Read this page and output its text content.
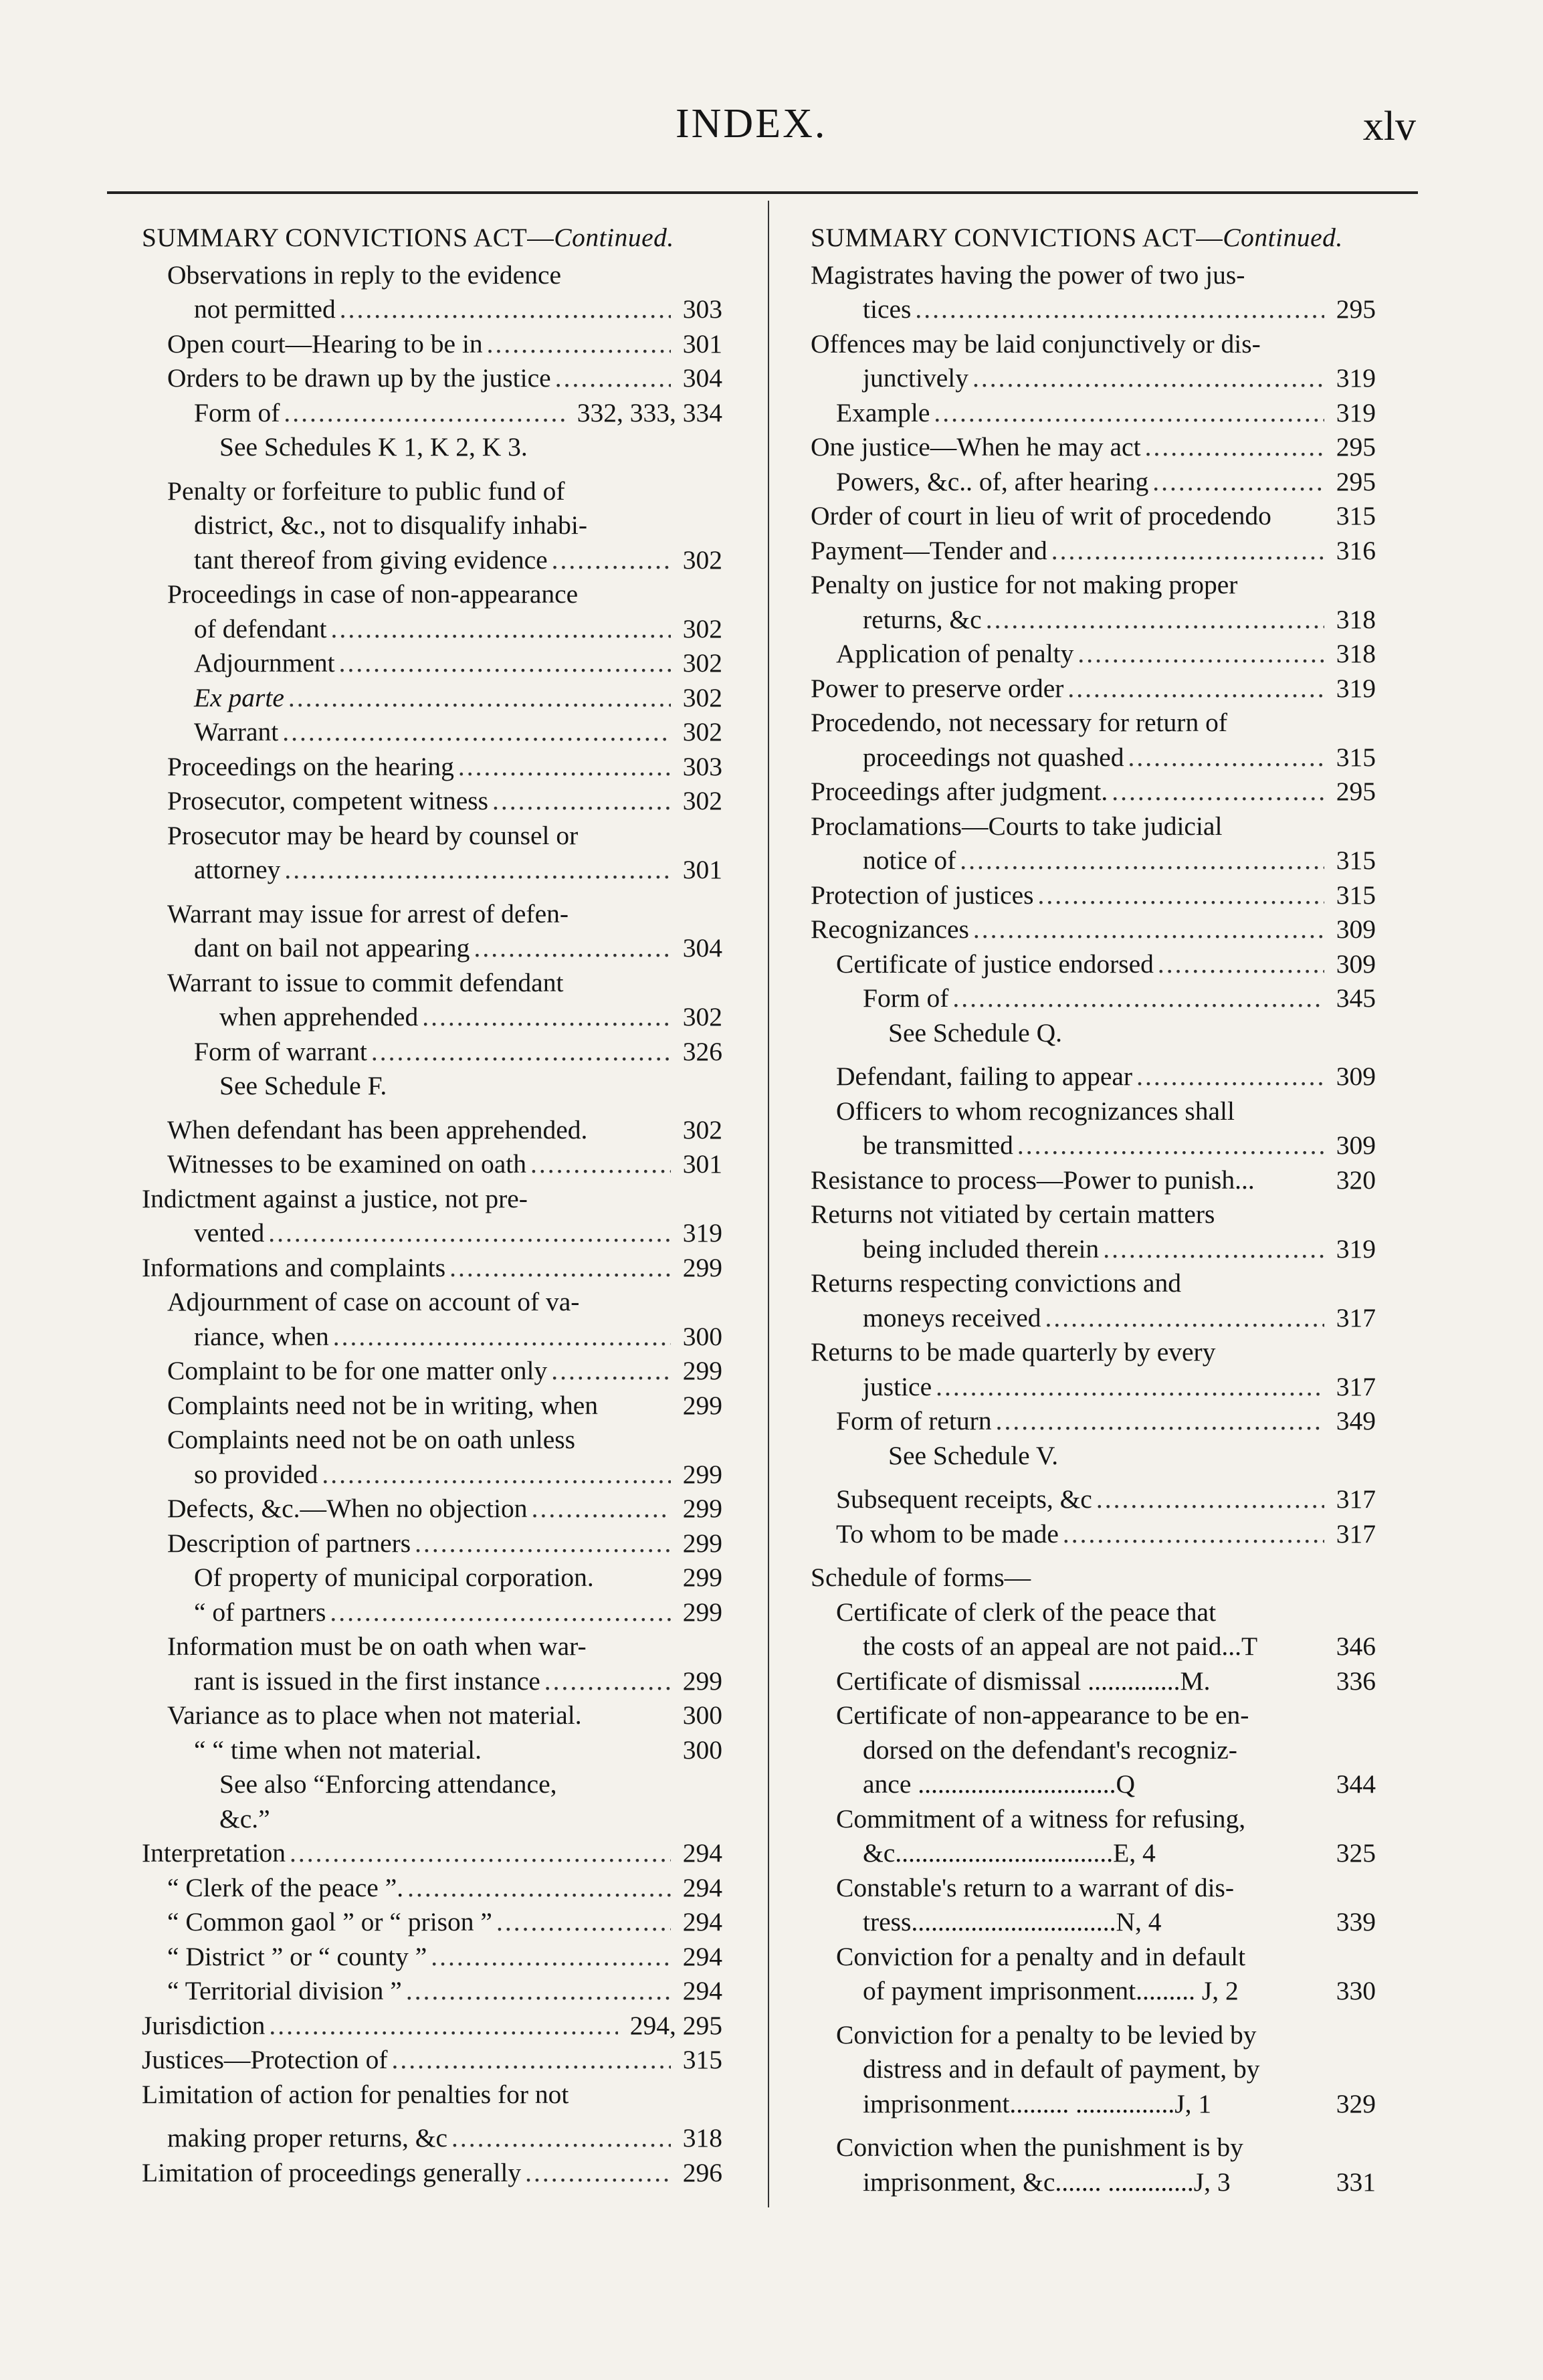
INDEX.	xlv
SUMMARY CONVICTIONS ACT—Continued.
Observations in reply to the evidence
not permitted .....	303
Open court—Hearing to be in .....	301
Orders to be drawn up by the justice .....	304
Form of .....	332, 333, 334
See Schedules K 1, K 2, K 3.
Penalty or forfeiture to public fund of
district, &c., not to disqualify inhabi-
tant thereof from giving evidence .....	302
Proceedings in case of non-appearance
of defendant .....	302
Adjournment .....	302
Ex parte .....	302
Warrant .....	302
Proceedings on the hearing .....	303
Prosecutor, competent witness .....	302
Prosecutor may be heard by counsel or
attorney .....	301
Warrant may issue for arrest of defen-
dant on bail not appearing .....	304
Warrant to issue to commit defendant
when apprehended .....	302
Form of warrant .....	326
See Schedule F.
When defendant has been apprehended.	302
Witnesses to be examined on oath .....	301
Indictment against a justice, not pre-
vented .....	319
Informations and complaints .....	299
Adjournment of case on account of va-
riance, when .....	300
Complaint to be for one matter only .....	299
Complaints need not be in writing, when	299
Complaints need not be on oath unless
so provided .....	299
Defects, &c.—When no objection .....	299
Description of partners .....	299
Of property of municipal corporation.	299
“ of partners .....	299
Information must be on oath when war-
rant is issued in the first instance .....	299
Variance as to place when not material.	300
“ “ time when not material.	300
See also “Enforcing attendance,
&c.”
Interpretation .....	294
“ Clerk of the peace ”. .....	294
“ Common gaol ” or “ prison ” .....	294
“ District ” or “ county ” .....	294
“ Territorial division ” .....	294
Jurisdiction .....	294, 295
Justices—Protection of .....	315
Limitation of action for penalties for not
making proper returns, &c .....	318
Limitation of proceedings generally .....	296
SUMMARY CONVICTIONS ACT—Continued.
Magistrates having the power of two jus-
tices .....	295
Offences may be laid conjunctively or dis-
junctively .....	319
Example .....	319
One justice—When he may act .....	295
Powers, &c.. of, after hearing .....	295
Order of court in lieu of writ of procedendo 315
Payment—Tender and .....	316
Penalty on justice for not making proper
returns, &c .....	318
Application of penalty .....	318
Power to preserve order .....	319
Procedendo, not necessary for return of
proceedings not quashed .....	315
Proceedings after judgment. .....	295
Proclamations—Courts to take judicial
notice of .....	315
Protection of justices .....	315
Recognizances .....	309
Certificate of justice endorsed .....	309
Form of .....	345
See Schedule Q.
Defendant, failing to appear .....	309
Officers to whom recognizances shall
be transmitted .....	309
Resistance to process—Power to punish...	320
Returns not vitiated by certain matters
being included therein .....	319
Returns respecting convictions and
moneys received .....	317
Returns to be made quarterly by every
justice .....	317
Form of return .....	349
See Schedule V.
Subsequent receipts, &c .....	317
To whom to be made .....	317
Schedule of forms—
Certificate of clerk of the peace that
the costs of an appeal are not paid...T	346
Certificate of dismissal ..............M.	336
Certificate of non-appearance to be en-
dorsed on the defendant's recogniz-
ance ..............................Q	344
Commitment of a witness for refusing,
&c.................................E, 4	325
Constable's return to a warrant of dis-
tress...............................N, 4	339
Conviction for a penalty and in default
of payment imprisonment......... J, 2	330
Conviction for a penalty to be levied by
distress and in default of payment, by
imprisonment......... ...............J, 1	329
Conviction when the punishment is by
imprisonment, &c....... .............J, 3	331
